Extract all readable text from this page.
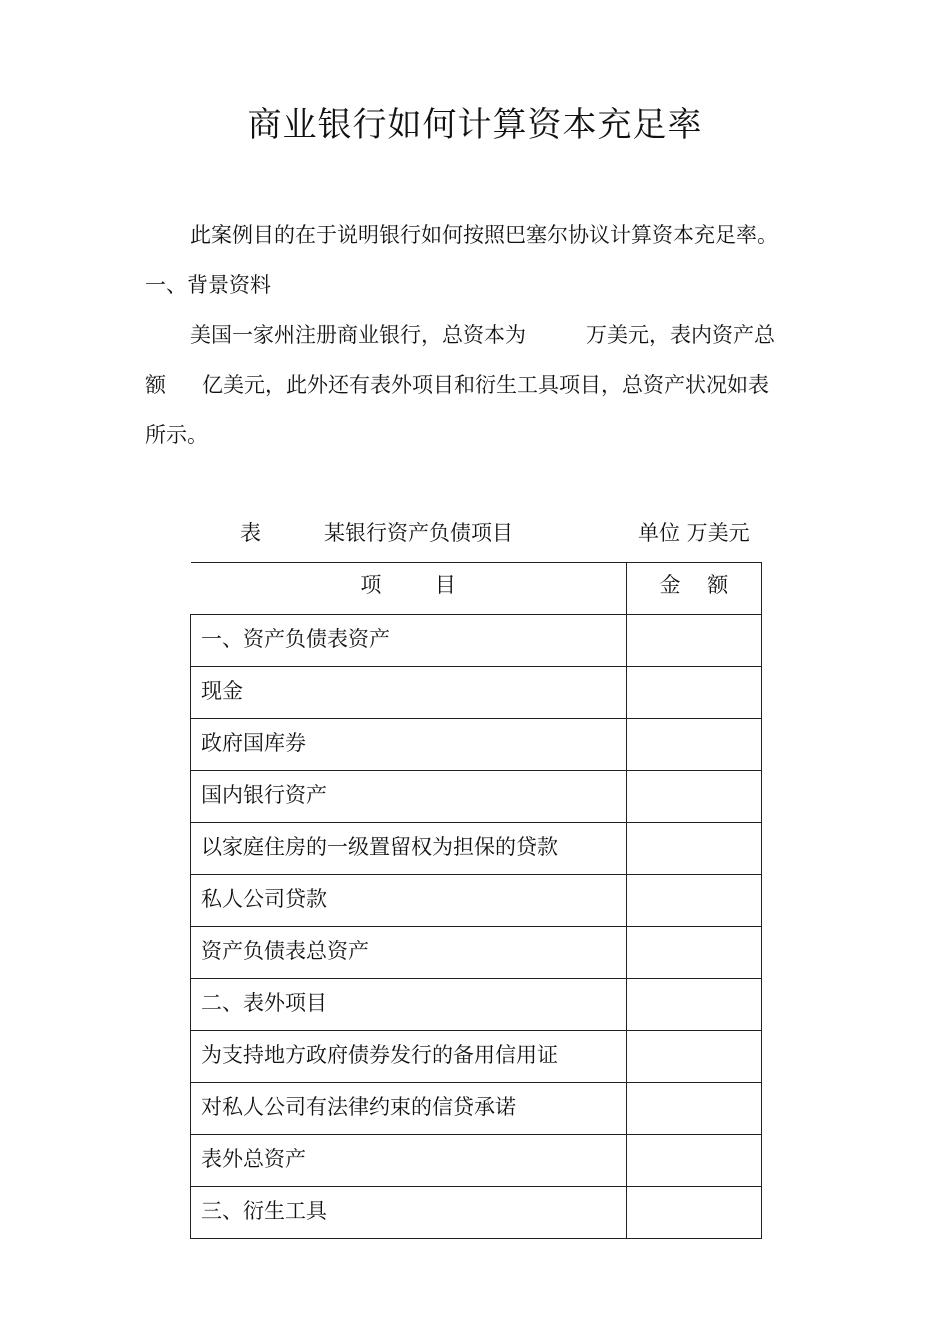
商业银行如何计算资本充足率
此案例目的在于说明银行如何按照巴塞尔协议计算资本充足率。
一、背景资料
美国一家州注册商业银行，总资本为	万美元，表内资产总
额 亿美元，此外还有表外项目和衍生工具项目，总资产状况如表
所示。
表	某银行资产负债项目	单位 万美元
项        目	金    额
一、资产负债表资产	
现金	
政府国库券	
国内银行资产	
以家庭住房的一级置留权为担保的贷款	
私人公司贷款	
资产负债表总资产	
二、表外项目	
为支持地方政府债券发行的备用信用证	
对私人公司有法律约束的信贷承诺	
表外总资产	
三、衍生工具	
